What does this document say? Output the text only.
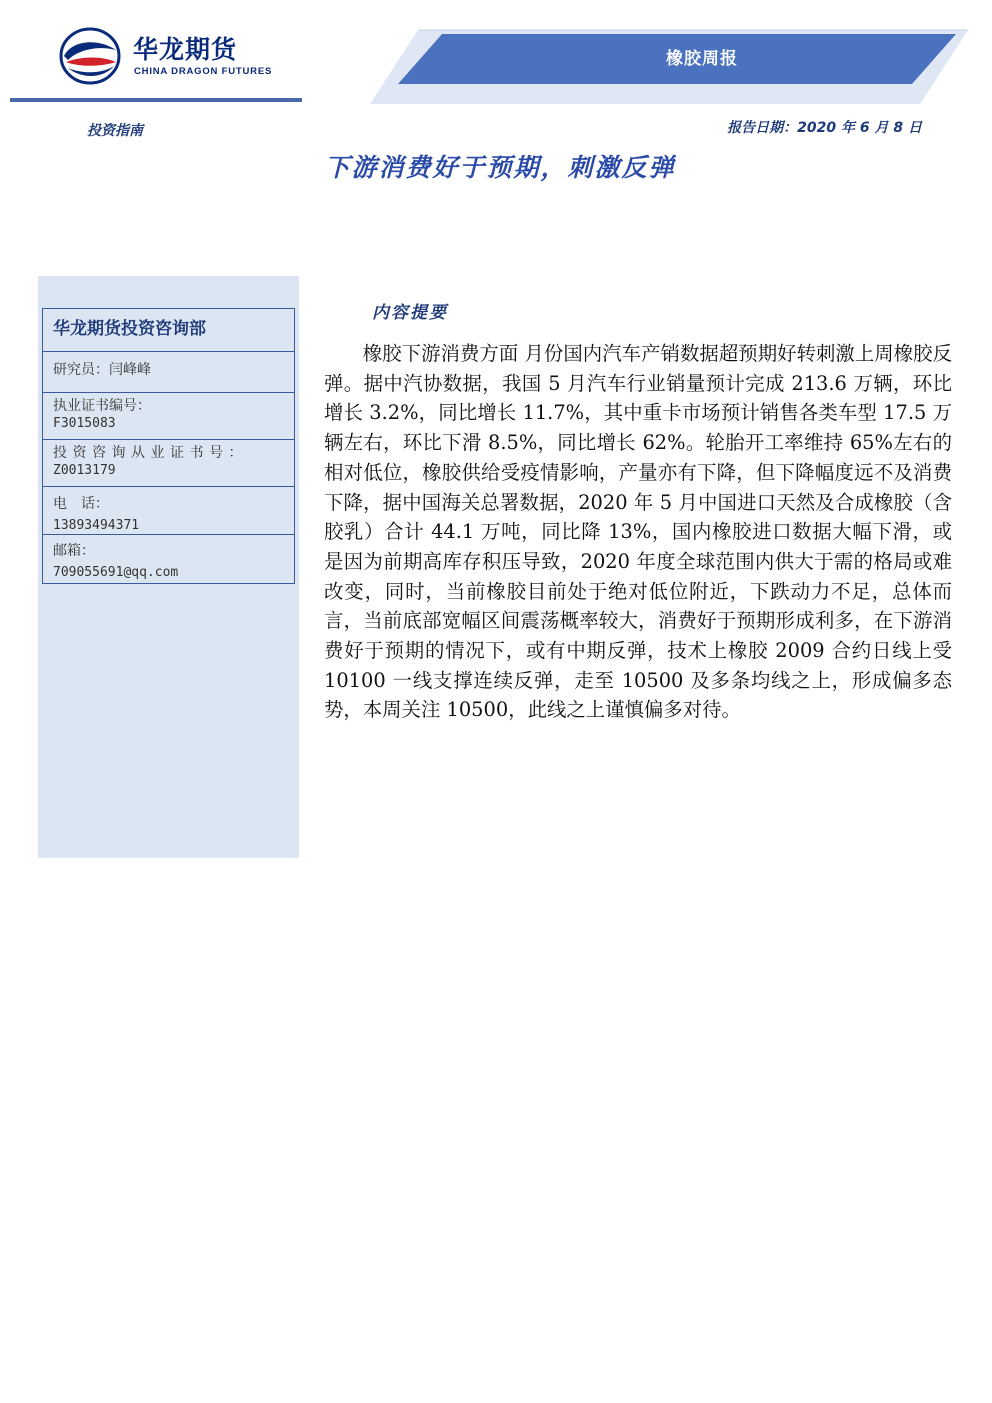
华龙期货
CHINA DRAGON FUTURES
橡胶周报
投资指南	报告日期：2020 年 6 月 8 日
下游消费好于预期，刺激反弹
华龙期货投资咨询部
研究员：闫峰峰
执业证书编号：
F3015083
投资咨询从业证书号：
Z0013179
电　话：
13893494371
邮箱：
709055691@qq.com
内容提要
橡胶下游消费方面 月份国内汽车产销数据超预期好转刺激上周橡胶反弹。据中汽协数据，我国 5 月汽车行业销量预计完成 213.6 万辆，环比增长 3.2%，同比增长 11.7%，其中重卡市场预计销售各类车型 17.5 万辆左右，环比下滑 8.5%，同比增长 62%。轮胎开工率维持 65%左右的相对低位，橡胶供给受疫情影响，产量亦有下降，但下降幅度远不及消费下降，据中国海关总署数据，2020 年 5 月中国进口天然及合成橡胶（含胶乳）合计 44.1 万吨，同比降 13%，国内橡胶进口数据大幅下滑，或是因为前期高库存积压导致，2020 年度全球范围内供大于需的格局或难改变，同时，当前橡胶目前处于绝对低位附近，下跌动力不足，总体而言，当前底部宽幅区间震荡概率较大，消费好于预期形成利多，在下游消费好于预期的情况下，或有中期反弹，技术上橡胶 2009 合约日线上受 10100 一线支撑连续反弹，走至 10500 及多条均线之上，形成偏多态势，本周关注 10500，此线之上谨慎偏多对待。
